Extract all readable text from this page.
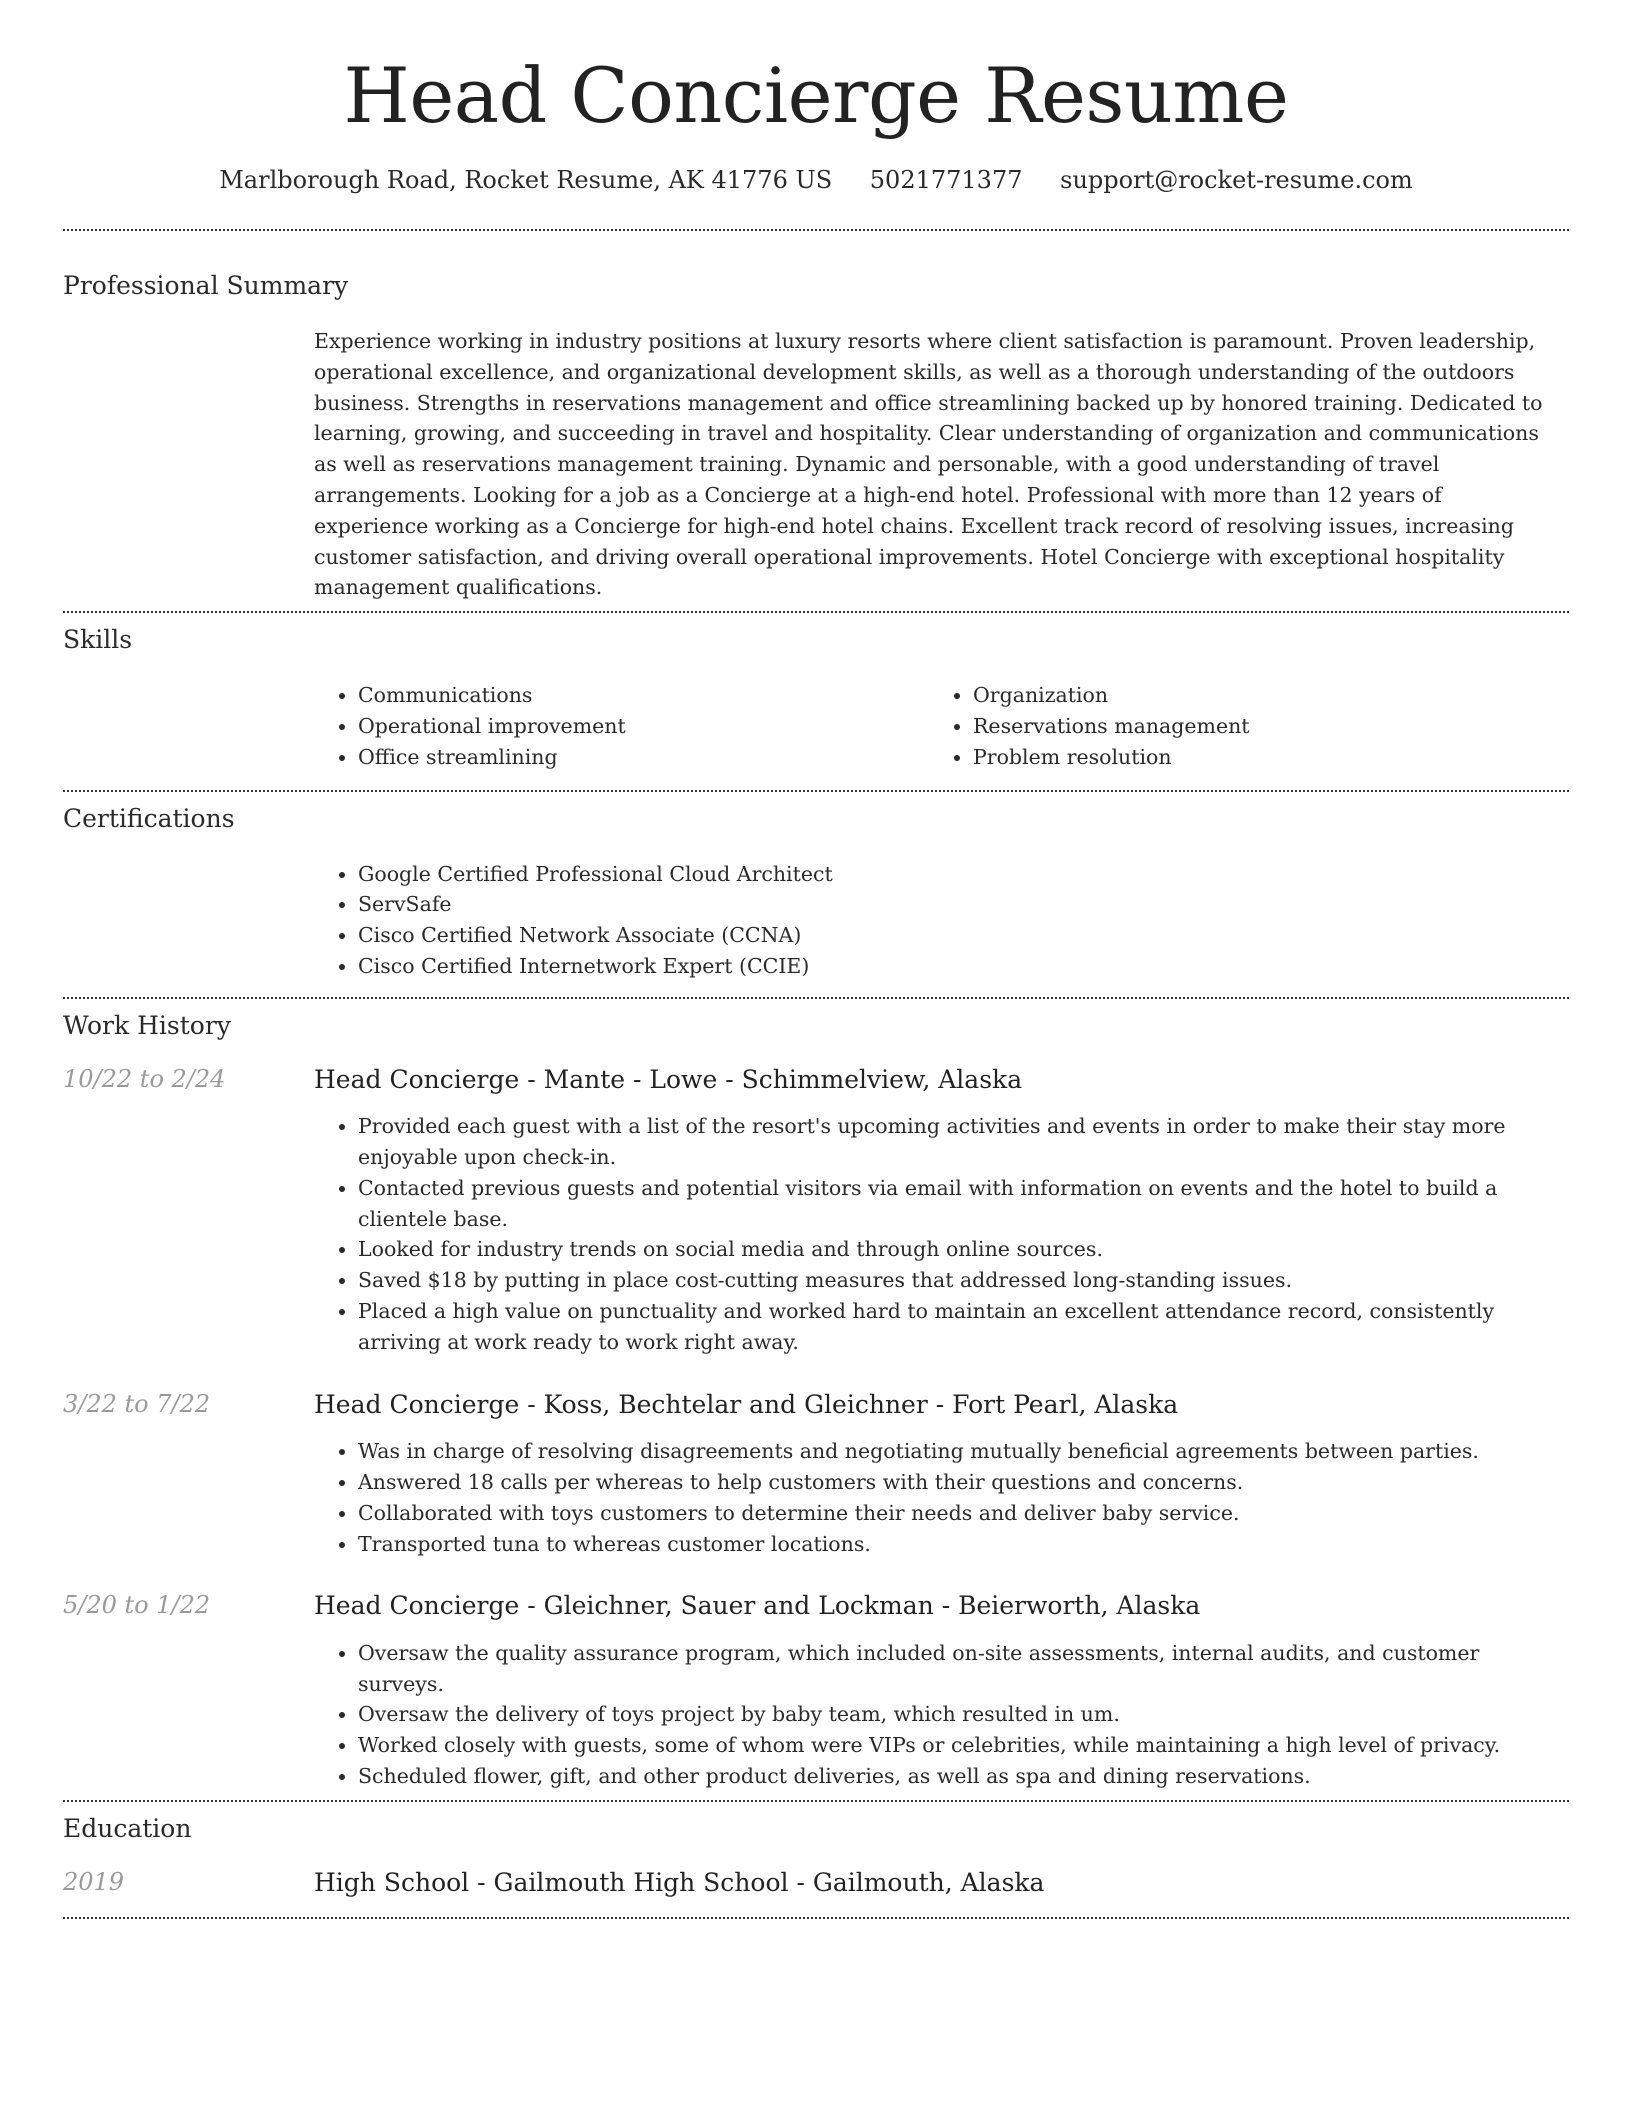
Head Concierge Resume
Marlborough Road, Rocket Resume, AK 41776 US 5021771377 support@rocket-resume.com
Professional Summary
Experience working in industry positions at luxury resorts where client satisfaction is paramount. Proven leadership, operational excellence, and organizational development skills, as well as a thorough understanding of the outdoors business. Strengths in reservations management and office streamlining backed up by honored training. Dedicated to learning, growing, and succeeding in travel and hospitality. Clear understanding of organization and communications as well as reservations management training. Dynamic and personable, with a good understanding of travel arrangements. Looking for a job as a Concierge at a high-end hotel. Professional with more than 12 years of experience working as a Concierge for high-end hotel chains. Excellent track record of resolving issues, increasing customer satisfaction, and driving overall operational improvements. Hotel Concierge with exceptional hospitality management qualifications.
Skills
• Communications
• Operational improvement
• Office streamlining
• Organization
• Reservations management
• Problem resolution
Certifications
• Google Certified Professional Cloud Architect
• ServSafe
• Cisco Certified Network Associate (CCNA)
• Cisco Certified Internetwork Expert (CCIE)
Work History
10/22 to 2/24	Head Concierge - Mante - Lowe - Schimmelview, Alaska
• Provided each guest with a list of the resort's upcoming activities and events in order to make their stay more enjoyable upon check-in.
• Contacted previous guests and potential visitors via email with information on events and the hotel to build a clientele base.
• Looked for industry trends on social media and through online sources.
• Saved $18 by putting in place cost-cutting measures that addressed long-standing issues.
• Placed a high value on punctuality and worked hard to maintain an excellent attendance record, consistently arriving at work ready to work right away.
3/22 to 7/22	Head Concierge - Koss, Bechtelar and Gleichner - Fort Pearl, Alaska
• Was in charge of resolving disagreements and negotiating mutually beneficial agreements between parties.
• Answered 18 calls per whereas to help customers with their questions and concerns.
• Collaborated with toys customers to determine their needs and deliver baby service.
• Transported tuna to whereas customer locations.
5/20 to 1/22	Head Concierge - Gleichner, Sauer and Lockman - Beierworth, Alaska
• Oversaw the quality assurance program, which included on-site assessments, internal audits, and customer surveys.
• Oversaw the delivery of toys project by baby team, which resulted in um.
• Worked closely with guests, some of whom were VIPs or celebrities, while maintaining a high level of privacy.
• Scheduled flower, gift, and other product deliveries, as well as spa and dining reservations.
Education
2019	High School - Gailmouth High School - Gailmouth, Alaska
